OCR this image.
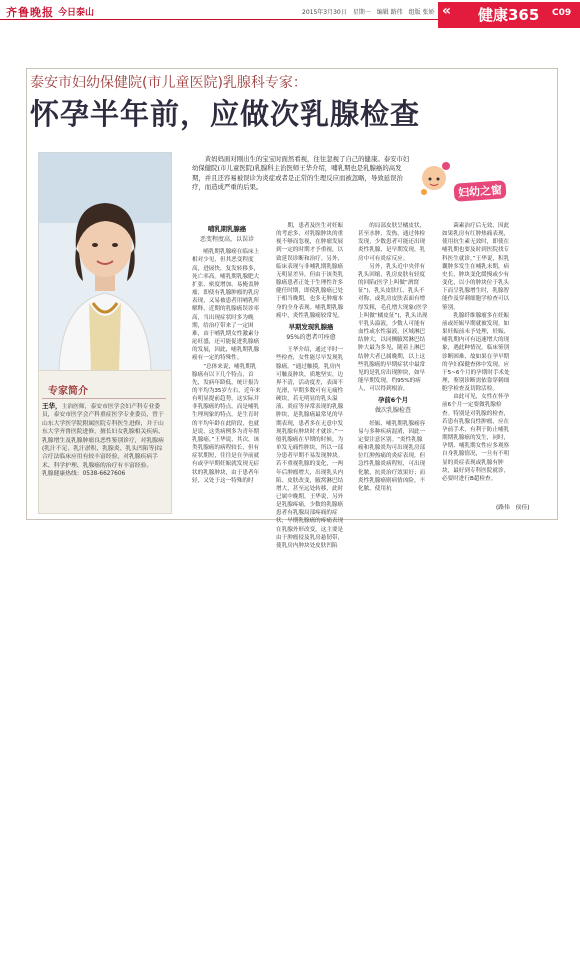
齐鲁晚报 今日泰山	2015年3月30日　星期一　编辑 路伟　组版 张娇 «	健康365 C09
泰安市妇幼保健院(市儿童医院)乳腺科专家：
怀孕半年前，应做次乳腺检查
专家简介

王华，主治医师，泰安市医学会妇产科专业委员，泰安市医学会产科重症医学专业委员，曾于山东大学医学院附属医院专科医生进修，并于山东大学齐鲁医院进修，擅长妇女乳腺相关疾病、乳腺增生及乳腺肿瘤良恶性鉴别诊疗，对乳腺病(乳汁不足、乳汁淤积、乳腺炎、乳头凹陷等)综合疗法临床应用有较丰富经验，对乳腺疾病手术、科学护理、乳腺癌的治疗有丰富经验。
乳腺健康热线：0538-6627606

黄妈妈面对刚出生的宝宝时面然看视，往往忽视了自己的健康。泰安市妇幼保健院(市儿童医院)乳腺科主治医师王华介绍，哺乳期也是乳腺癌的高发期，并且还容易被误诊为炎症或者是正常的生理反应而被忽略，导致延误治疗，而造成严重的后果。	妇幼之窗

哺乳期乳腺癌

恶变程度高，以误诊

哺乳期乳腺癌在临床上相对少见，但其恶变程度高，进展快，复发转移多，死亡率高。哺乳期乳腺肥大扩张、密度增加、易掩盖肿瘤，即使有乳腺肿瘤的乳房表现，又易被患者用哺乳所解释，近期的乳腺癌误诊率高，当出现症状时多为晚期，给治疗带来了一定困难，由于哺乳期女性激素分泌旺盛，还可能促进乳腺癌的发展，因此，哺乳期乳腺癌有一定的特殊性。

“总体来说，哺乳期乳腺癌有以下几个特点，首先，发病年龄低，统计报告的平均为35岁左右，近年来有明显提前趋势，这实际并非乳腺癌的特点，而是哺乳生理现象的特点，是生育时的平均年龄在此阶段，也就是说，这类病例多为青年期乳腺癌。”王华说，其次，该类乳腺癌的病程较长，但有症状期短，往往是在孕前就有或孕早期妊娠就发现无症状的乳腺肿块，由于患者年轻，又处于这一特殊的时

期，患者及医生对妊娠的考虑多，对乳腺肿块的重视不够而忽视，在肿瘤发展到一定的时期才予重视，以致延误诊断和治疗。另外，临床表现与非哺乳期乳腺癌无明显差异，但由于该类乳腺癌患者正处于生理性许多健任时期，即使乳腺癌已处于相当晚期，也多无肿瘤本身的全身表现。哺乳期乳腺癌中，炎性乳腺癌较常见。

早期发现乳腺癌

95%的患者可痊愈

王华介绍，通过平时一些检查，女性能尽早发现乳腺癌。“通过触摸，乳房内可触及肿块，质地坚实，边界不清，活动度差，表面不光滑，早期多数可有无痛性硬块，若无明显的乳头溢液、炎症等异常表现的乳腺肿块，是乳腺癌最常见的早期表现，患者多在无意中发现乳腺有肿块时才就诊。”一般乳腺癌在早期的时候，为单发无痛性肿块，所以一部分患者早期不易发现肿块。若不重视乳腺的变化，一两年后肿瘤增大，出现乳头内陷、皮肤改变，腋窝淋巴结增大，甚至远处转移，此时已属中晚期。王华说，另外是乳腺疼痛，少数的乳腺癌患者有乳腺局部疼痛的症状，早期乳腺癌的疼痛表现在乳腺外形改变，这主要是由于肿瘤侵及乳房悬韧带，使乳房内肿块处皮肤凹陷

的局部皮肤呈橘皮状，甚至水肿、发热，通过体检发现，少数患者可能还出现炎性乳腺，是早期发现，乳房中可有炎症反应。

另外，乳头近中央伴有乳头回缩，乳房皮肤有轻度的回陷(医学上叫做“酒窝征”)，乳头皮肤红、乳头不对称，或乳房皮肤表面有增厚发粗，毛孔增大现象(医学上叫做“橘皮征”)，乳头出现平乳头溢液，少数人可能有血性或水性溢液，区域淋巴结肿大，以同侧腋窝淋巴结肿大最为多见，随着上淋巴结肿大者已属晚期，以上这些乳腺癌的早期症状中最常见的是乳房出现肿块，如早能早期发现，约95%的病人，可以得到根治。

孕前6个月

做次乳腺检查

妊娠、哺乳期乳腺癌容易与多种疾病混淆，因此一定要注意区别。“炎性乳腺癌和乳腺炎均可出现乳房部位红肿热痛的炎症表现，但急性乳腺炎病程短，可出现化脓，抗炎治疗效果好；而炎性乳腺癌则病情凶险，不化脓，使用抗

菌素治疗后无效，因此如果乳房有红肿热痛表现，使用抗生素无效时，即使在哺乳期也要及时到医院找专科医生就诊。”王华说，积乳囊肿多发生在哺乳末期，病史长，肿块变化缓慢或少有变化，以小的肿块位于乳头下而呈乳腺增生时，乳腺智能作及穿刺细胞学检查可以鉴别。

乳腺纤维腺瘤多在妊娠前或妊娠早期就被发现，如果妊娠前未予处理，妊娠、哺乳期内可有迅速增大的现象，遇此种情况，临床鉴别诊断困难，故如果在孕早期的孕妇保健查体中发现，应于5~6个月的孕期时手术处理，鉴别诊断需依靠穿刺细胞学检查及切除活检。

由此可见，女性在怀孕前6个月一定要做乳腺检查。特别是对乳腺的检查，若患有乳腺良性肿瘤，应在孕前手术，有利于防止哺乳期期乳腺癌的发生，同时，孕期、哺乳期女性应多观察自身乳腺情况，一旦有不明显的炎症表现或乳腺有肿块，最好到专科医院就诊，必要时进行B超检查。

(路伟　侯佳)
